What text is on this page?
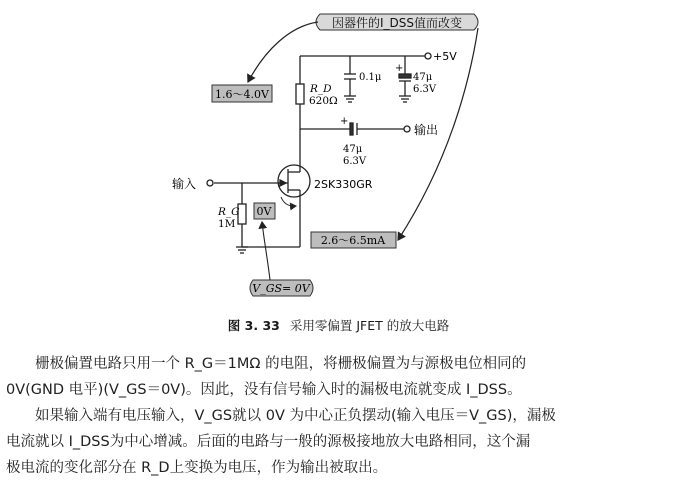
因器件的I_DSS值而改变
+5V
R_D
620Ω
0.1μ
+
47μ
6.3V
+
47μ
6.3V
输出
2SK330GR
输入
R_G
1M
1.6～4.0V
0V
2.6～6.5mA
V_GS= 0V
图 3. 33 采用零偏置 JFET 的放大电路
栅极偏置电路只用一个 R_G＝1MΩ 的电阻，将栅极偏置为与源极电位相同的
0V(GND 电平)(V_GS＝0V)。因此，没有信号输入时的漏极电流就变成 I_DSS。
如果输入端有电压输入，V_GS就以 0V 为中心正负摆动(输入电压＝V_GS)，漏极
电流就以 I_DSS为中心增减。后面的电路与一般的源极接地放大电路相同，这个漏
极电流的变化部分在 R_D上变换为电压，作为输出被取出。
